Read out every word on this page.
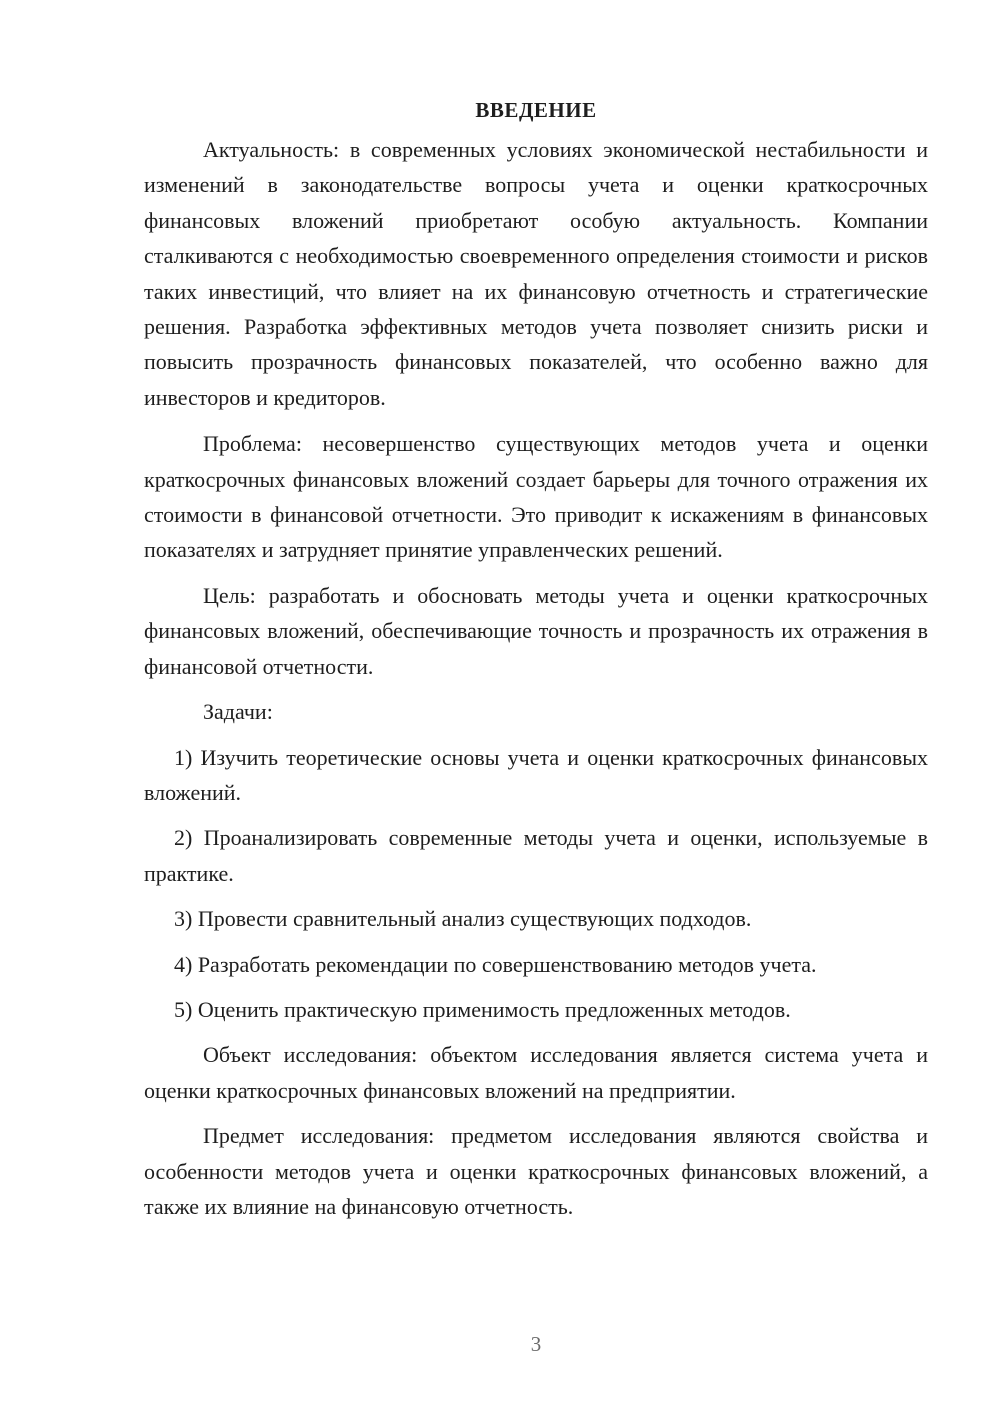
ВВЕДЕНИЕ

Актуальность: в современных условиях экономической нестабильности и изменений в законодательстве вопросы учета и оценки краткосрочных финансовых вложений приобретают особую актуальность. Компании сталкиваются с необходимостью своевременного определения стоимости и рисков таких инвестиций, что влияет на их финансовую отчетность и стратегические решения. Разработка эффективных методов учета позволяет снизить риски и повысить прозрачность финансовых показателей, что особенно важно для инвесторов и кредиторов.

Проблема: несовершенство существующих методов учета и оценки краткосрочных финансовых вложений создает барьеры для точного отражения их стоимости в финансовой отчетности. Это приводит к искажениям в финансовых показателях и затрудняет принятие управленческих решений.

Цель: разработать и обосновать методы учета и оценки краткосрочных финансовых вложений, обеспечивающие точность и прозрачность их отражения в финансовой отчетности.

Задачи:

1) Изучить теоретические основы учета и оценки краткосрочных финансовых вложений.

2) Проанализировать современные методы учета и оценки, используемые в практике.

3) Провести сравнительный анализ существующих подходов.

4) Разработать рекомендации по совершенствованию методов учета.

5) Оценить практическую применимость предложенных методов.

Объект исследования: объектом исследования является система учета и оценки краткосрочных финансовых вложений на предприятии.

Предмет исследования: предметом исследования являются свойства и особенности методов учета и оценки краткосрочных финансовых вложений, а также их влияние на финансовую отчетность.

3
